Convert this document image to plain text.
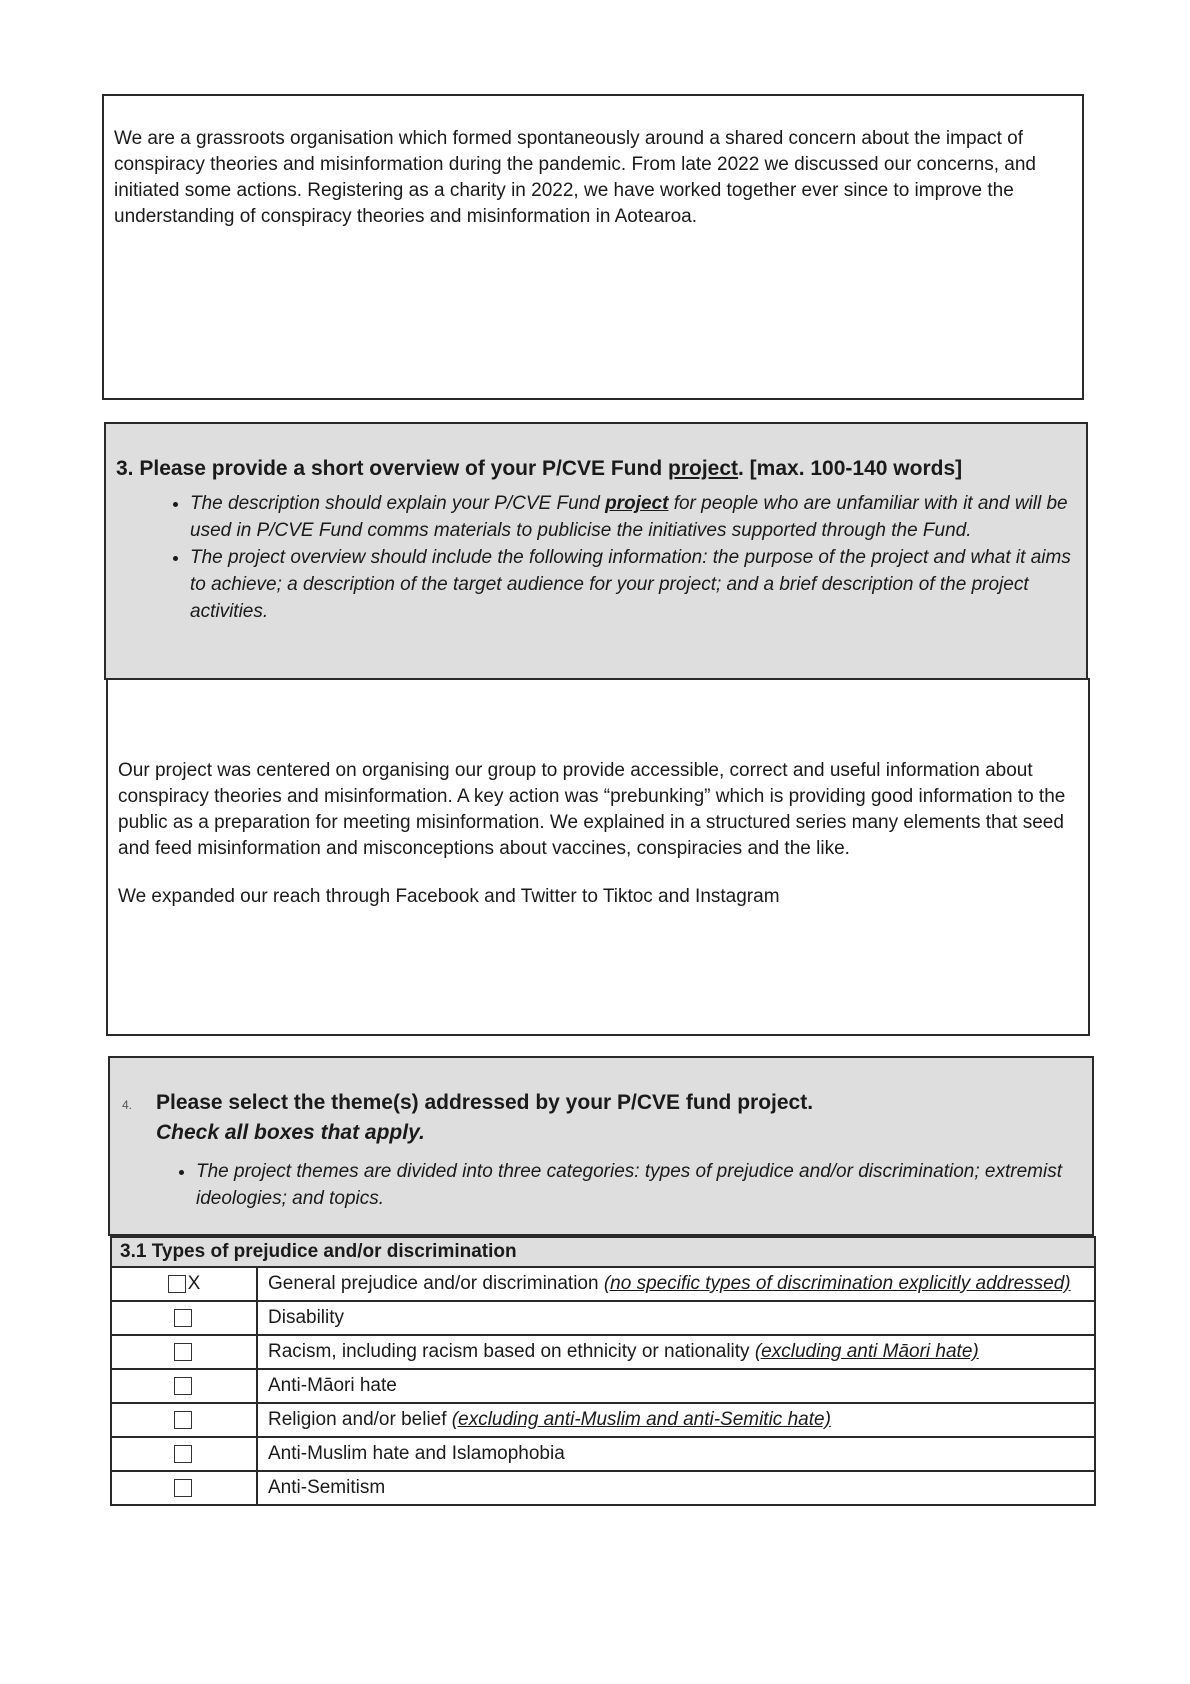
We are a grassroots organisation which formed spontaneously around a shared concern about the impact of conspiracy theories and misinformation during the pandemic. From late 2022 we discussed our concerns, and initiated some actions. Registering as a charity in 2022, we have worked together ever since to improve the understanding of conspiracy theories and misinformation in Aotearoa.

3. Please provide a short overview of your P/CVE Fund project. [max. 100-140 words]
• The description should explain your P/CVE Fund project for people who are unfamiliar with it and will be used in P/CVE Fund comms materials to publicise the initiatives supported through the Fund.
• The project overview should include the following information: the purpose of the project and what it aims to achieve; a description of the target audience for your project; and a brief description of the project activities.

Our project was centered on organising our group to provide accessible, correct and useful information about conspiracy theories and misinformation. A key action was “prebunking” which is providing good information to the public as a preparation for meeting misinformation. We explained in a structured series many elements that seed and feed misinformation and misconceptions about vaccines, conspiracies and the like.

We expanded our reach through Facebook and Twitter to Tiktoc and Instagram

4. Please select the theme(s) addressed by your P/CVE fund project.
Check all boxes that apply.
• The project themes are divided into three categories: types of prejudice and/or discrimination; extremist ideologies; and topics.
3.1 Types of prejudice and/or discrimination	
X	General prejudice and/or discrimination (no specific types of discrimination explicitly addressed)
	Disability
	Racism, including racism based on ethnicity or nationality (excluding anti Māori hate)
	Anti-Māori hate
	Religion and/or belief (excluding anti-Muslim and anti-Semitic hate)
	Anti-Muslim hate and Islamophobia
	Anti-Semitism
